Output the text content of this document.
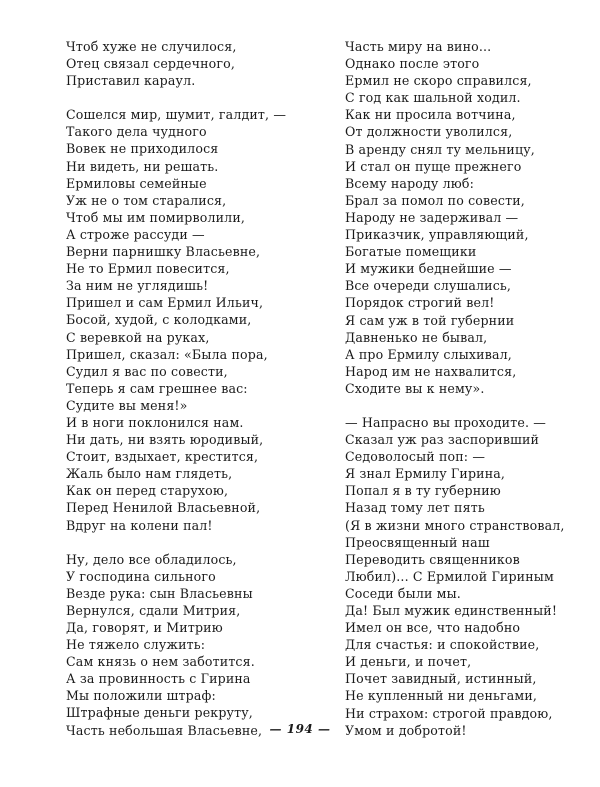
Чтоб хуже не случилося,
Отец связал сердечного,
Приставил караул.
Сошелся мир, шумит, галдит, —
Такого дела чудного
Вовек не приходилося
Ни видеть, ни решать.
Ермиловы семейные
Уж не о том старалися,
Чтоб мы им помирволили,
А строже рассуди —
Верни парнишку Власьевне,
Не то Ермил повесится,
За ним не углядишь!
Пришел и сам Ермил Ильич,
Босой, худой, с колодками,
С веревкой на руках,
Пришел, сказал: «Была пора,
Судил я вас по совести,
Теперь я сам грешнее вас:
Судите вы меня!»
И в ноги поклонился нам.
Ни дать, ни взять юродивый,
Стоит, вздыхает, крестится,
Жаль было нам глядеть,
Как он перед старухою,
Перед Ненилой Власьевной,
Вдруг на колени пал!
Ну, дело все обладилось,
У господина сильного
Везде рука: сын Власьевны
Вернулся, сдали Митрия,
Да, говорят, и Митрию
Не тяжело служить:
Сам князь о нем заботится.
А за провинность с Гирина
Мы положили штраф:
Штрафные деньги рекруту,
Часть небольшая Власьевне,
Часть миру на вино...
Однако после этого
Ермил не скоро справился,
С год как шальной ходил.
Как ни просила вотчина,
От должности уволился,
В аренду снял ту мельницу,
И стал он пуще прежнего
Всему народу люб:
Брал за помол по совести,
Народу не задерживал —
Приказчик, управляющий,
Богатые помещики
И мужики беднейшие —
Все очереди слушались,
Порядок строгий вел!
Я сам уж в той губернии
Давненько не бывал,
А про Ермилу слыхивал,
Народ им не нахвалится,
Сходите вы к нему».
— Напрасно вы проходите. —
Сказал уж раз заспоривший
Седоволосый поп: —
Я знал Ермилу Гирина,
Попал я в ту губернию
Назад тому лет пять
(Я в жизни много странствовал,
Преосвященный наш
Переводить священников
Любил)... С Ермилой Гириным
Соседи были мы.
Да! Был мужик единственный!
Имел он все, что надобно
Для счастья: и спокойствие,
И деньги, и почет,
Почет завидный, истинный,
Не купленный ни деньгами,
Ни страхом: строгой правдою,
Умом и добротой!
— 194 —
